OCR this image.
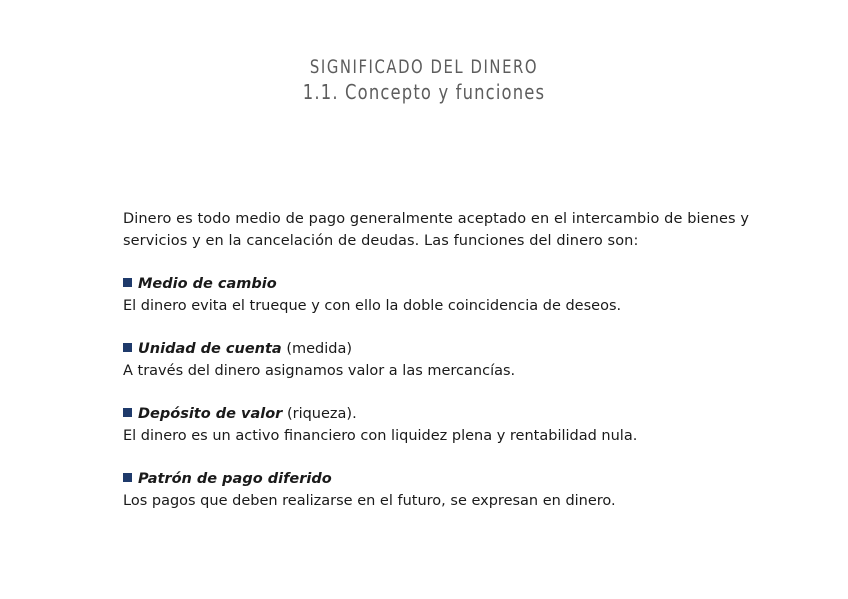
SIGNIFICADO DEL DINERO
1.1. Concepto y funciones

Dinero es todo medio de pago generalmente aceptado en el intercambio de bienes y servicios y en la cancelación de deudas. Las funciones del dinero son:

Medio de cambio
El dinero evita el trueque y con ello la doble coincidencia de deseos.
Unidad de cuenta (medida)
A través del dinero asignamos valor a las mercancías.
Depósito de valor (riqueza).
El dinero es un activo financiero con liquidez plena y rentabilidad nula.
Patrón de pago diferido
Los pagos que deben realizarse en el futuro, se expresan en dinero.
